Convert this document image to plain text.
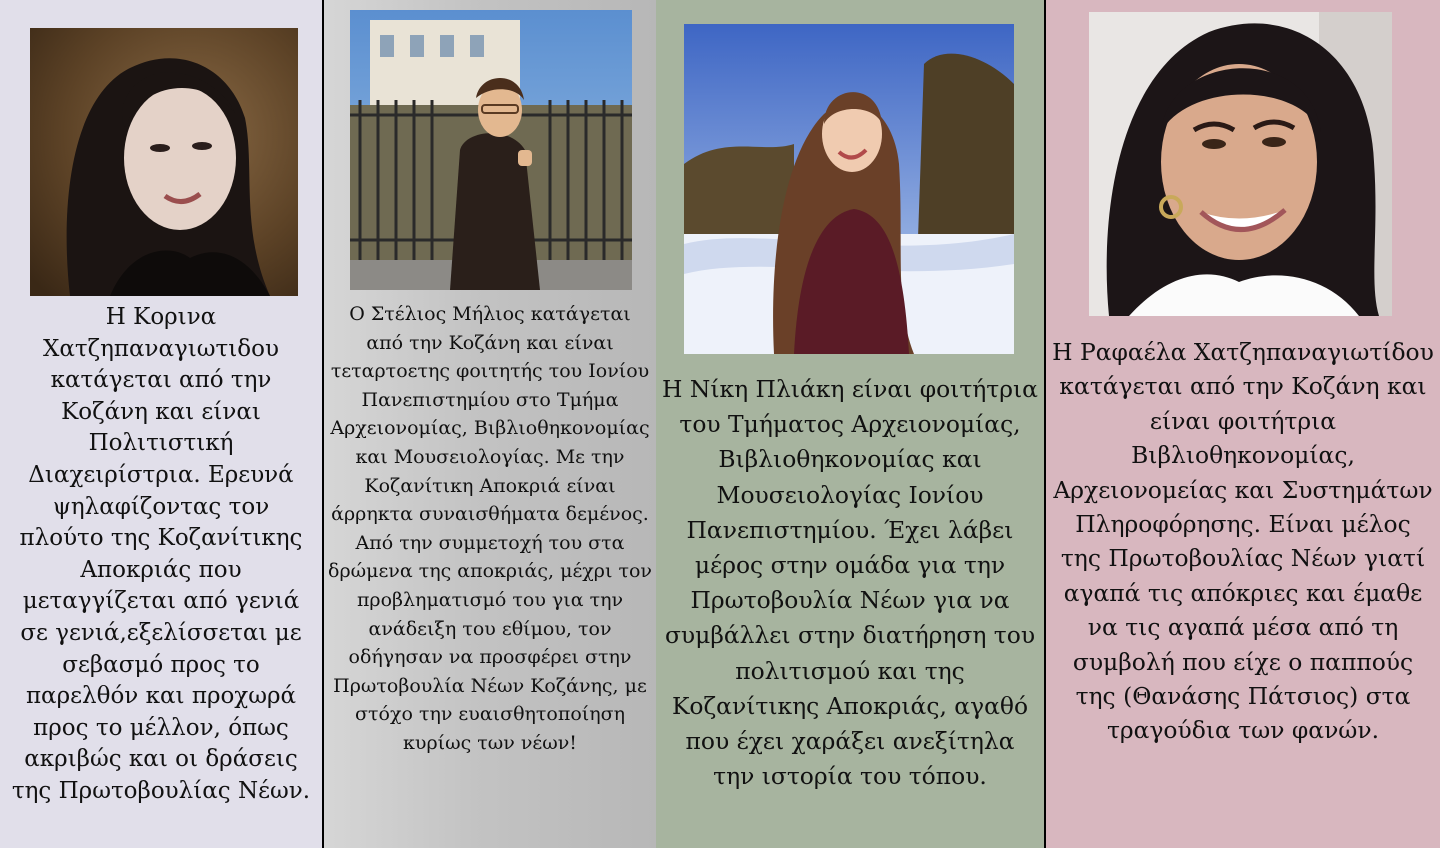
Η Κορινα Χατζηπαναγιωτιδου κατάγεται από την Κοζάνη και είναι Πολιτιστική Διαχειρίστρια. Ερευνά ψηλαφίζοντας τον πλούτο της Κοζανίτικης Αποκριάς που μεταγγίζεται από γενιά σε γενιά,εξελίσσεται με σεβασμό προς το παρελθόν και προχωρά προς το μέλλον, όπως ακριβώς και οι δράσεις της Πρωτοβουλίας Νέων.

Ο Στέλιος Μήλιος κατάγεται από την Κοζάνη και είναι τεταρτοετης φοιτητής του Ιονίου Πανεπιστημίου στο Τμήμα Αρχειονομίας, Βιβλιοθηκονομίας και Μουσειολογίας. Με την Κοζανίτικη Αποκριά είναι άρρηκτα συναισθήματα δεμένος. Από την συμμετοχή του στα δρώμενα της αποκριάς, μέχρι τον προβληματισμό του για την ανάδειξη του εθίμου, τον οδήγησαν να προσφέρει στην Πρωτοβουλία Νέων Κοζάνης, με στόχο την ευαισθητοποίηση κυρίως των νέων!

Η Νίκη Πλιάκη είναι φοιτήτρια του Τμήματος Αρχειονομίας, Βιβλιοθηκονομίας και Μουσειολογίας Ιονίου Πανεπιστημίου. Έχει λάβει μέρος στην ομάδα για την Πρωτοβουλία Νέων για να συμβάλλει στην διατήρηση του πολιτισμού και της Κοζανίτικης Αποκριάς, αγαθό που έχει χαράξει ανεξίτηλα την ιστορία του τόπου.

Η Ραφαέλα Χατζηπαναγιωτίδου κατάγεται από την Κοζάνη και είναι φοιτήτρια Βιβλιοθηκονομίας, Αρχειονομείας και Συστημάτων Πληροφόρησης. Είναι μέλος της Πρωτοβουλίας Νέων γιατί αγαπά τις απόκριες και έμαθε να τις αγαπά μέσα από τη συμβολή που είχε ο παππούς της (Θανάσης Πάτσιος) στα τραγούδια των φανών.
